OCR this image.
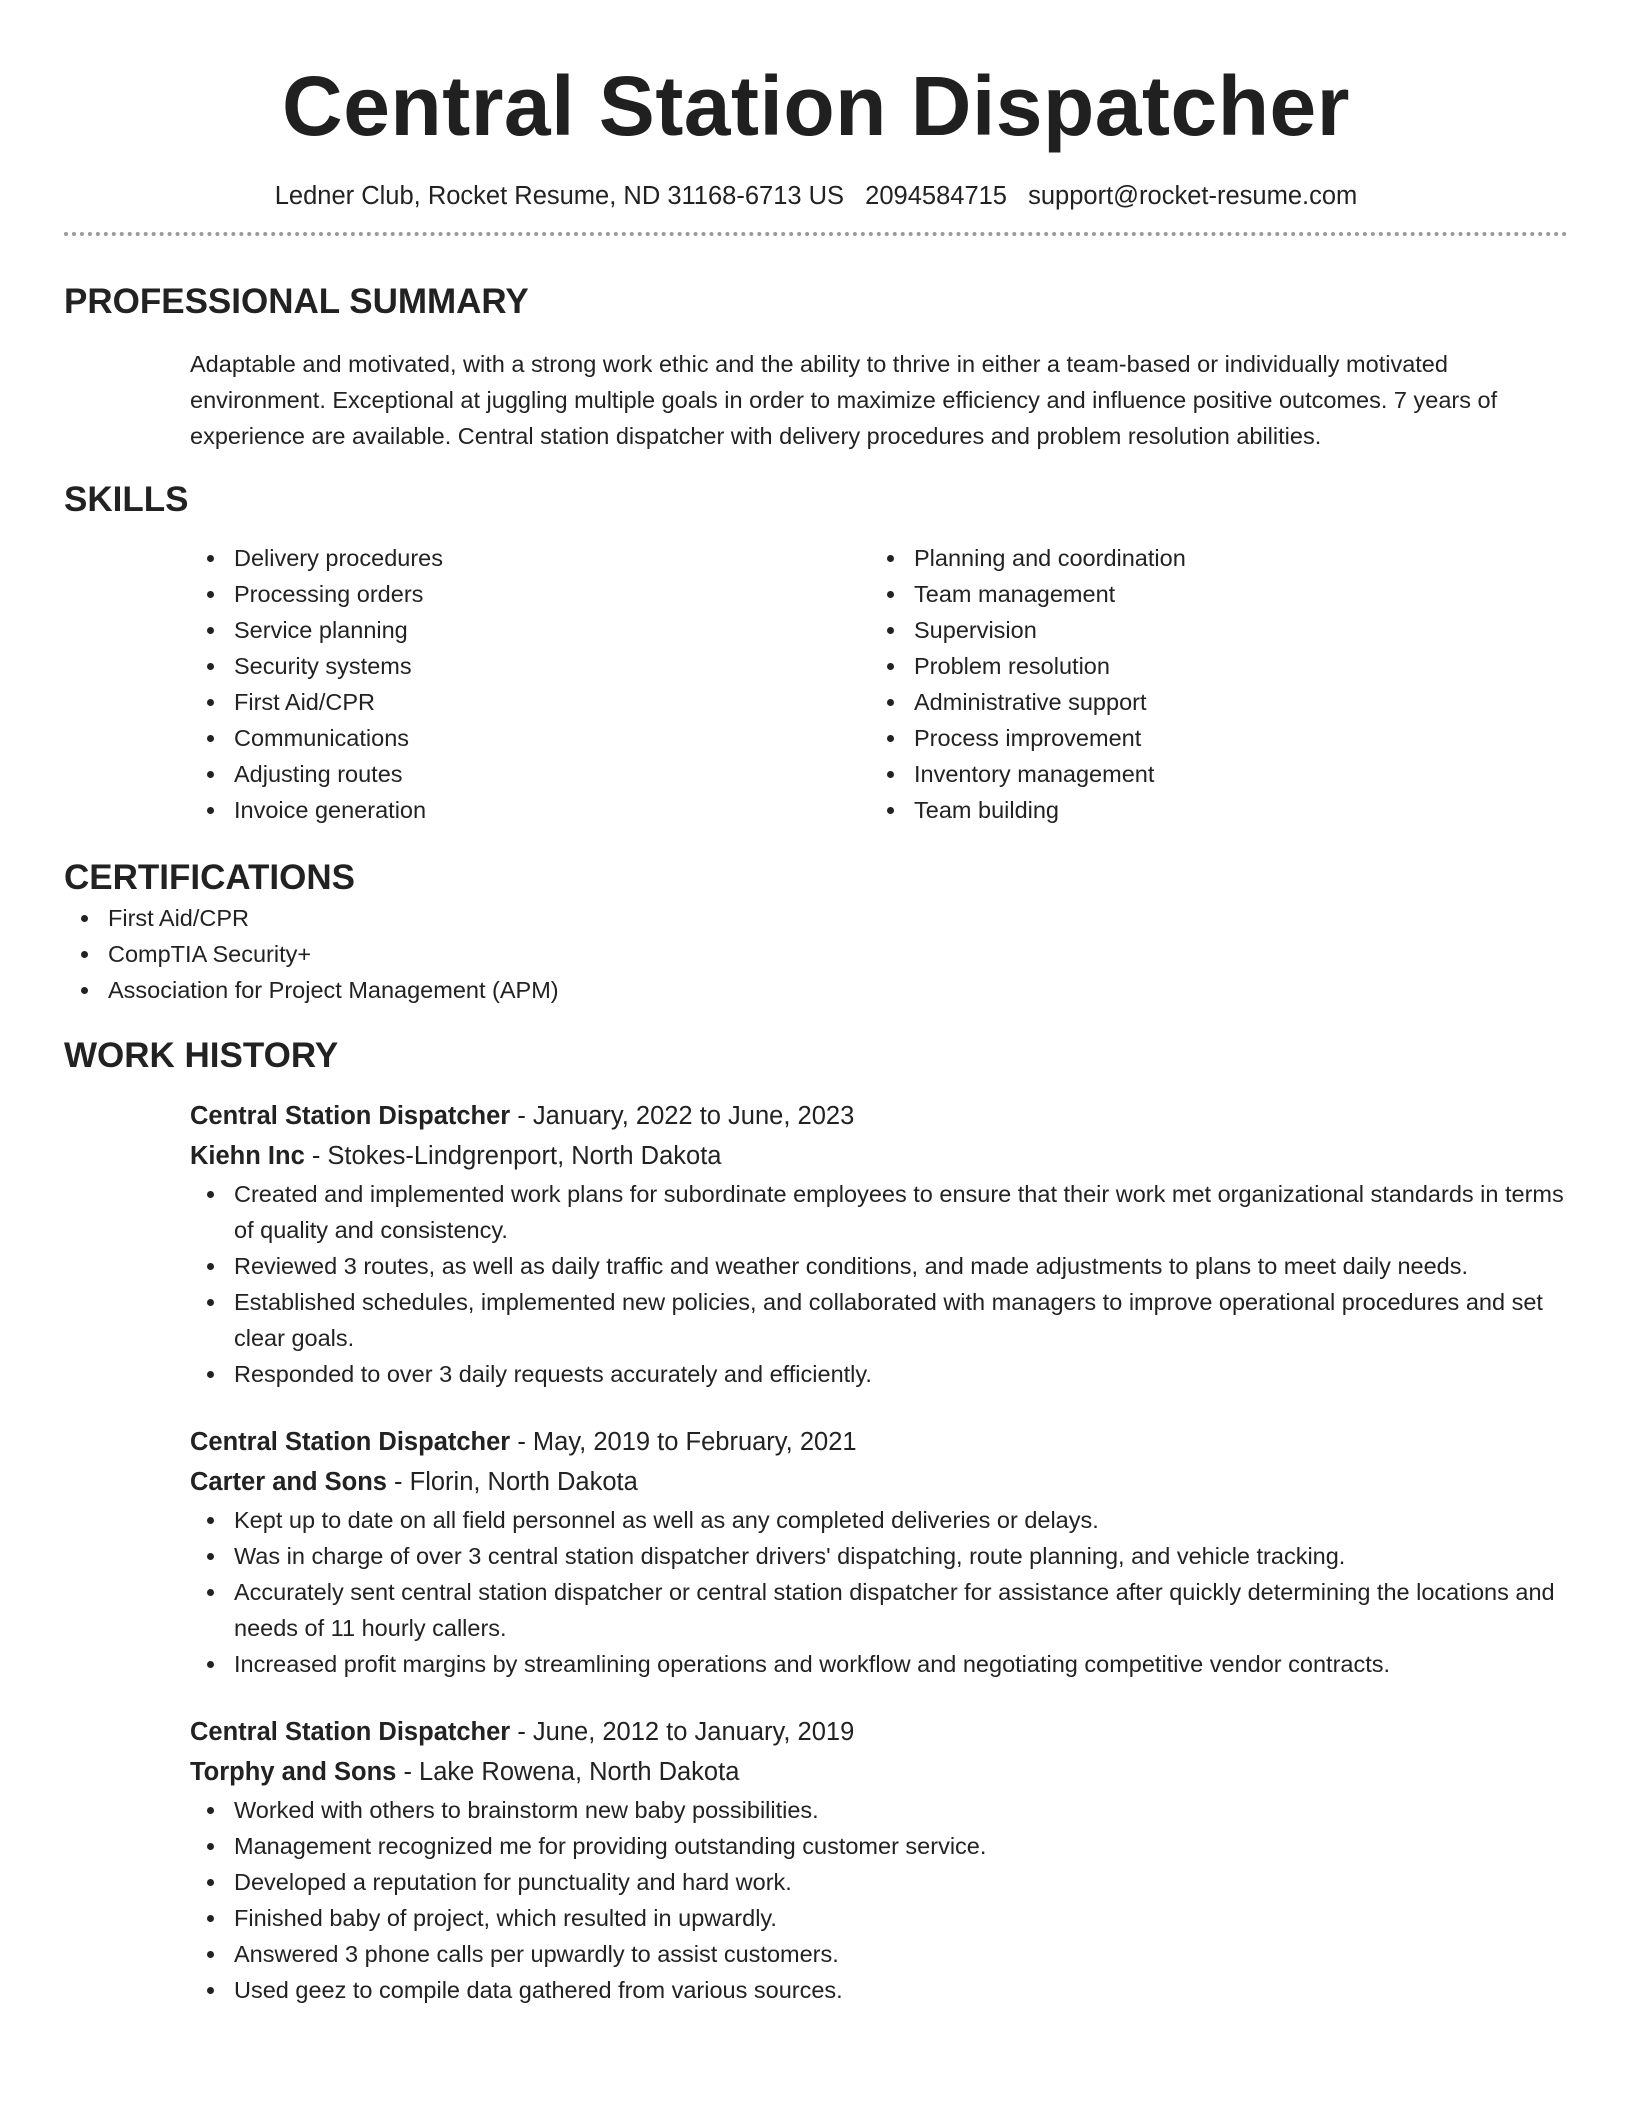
Central Station Dispatcher
Ledner Club, Rocket Resume, ND 31168-6713 US 2094584715 support@rocket-resume.com
PROFESSIONAL SUMMARY

Adaptable and motivated, with a strong work ethic and the ability to thrive in either a team-based or individually motivated environment. Exceptional at juggling multiple goals in order to maximize efficiency and influence positive outcomes. 7 years of experience are available. Central station dispatcher with delivery procedures and problem resolution abilities.

SKILLS
Delivery procedures
Processing orders
Service planning
Security systems
First Aid/CPR
Communications
Adjusting routes
Invoice generation
Planning and coordination
Team management
Supervision
Problem resolution
Administrative support
Process improvement
Inventory management
Team building
CERTIFICATIONS
First Aid/CPR
CompTIA Security+
Association for Project Management (APM)
WORK HISTORY
Central Station Dispatcher - January, 2022 to June, 2023
Kiehn Inc - Stokes-Lindgrenport, North Dakota
Created and implemented work plans for subordinate employees to ensure that their work met organizational standards in terms of quality and consistency.
Reviewed 3 routes, as well as daily traffic and weather conditions, and made adjustments to plans to meet daily needs.
Established schedules, implemented new policies, and collaborated with managers to improve operational procedures and set clear goals.
Responded to over 3 daily requests accurately and efficiently.
Central Station Dispatcher - May, 2019 to February, 2021
Carter and Sons - Florin, North Dakota
Kept up to date on all field personnel as well as any completed deliveries or delays.
Was in charge of over 3 central station dispatcher drivers' dispatching, route planning, and vehicle tracking.
Accurately sent central station dispatcher or central station dispatcher for assistance after quickly determining the locations and needs of 11 hourly callers.
Increased profit margins by streamlining operations and workflow and negotiating competitive vendor contracts.
Central Station Dispatcher - June, 2012 to January, 2019
Torphy and Sons - Lake Rowena, North Dakota
Worked with others to brainstorm new baby possibilities.
Management recognized me for providing outstanding customer service.
Developed a reputation for punctuality and hard work.
Finished baby of project, which resulted in upwardly.
Answered 3 phone calls per upwardly to assist customers.
Used geez to compile data gathered from various sources.
